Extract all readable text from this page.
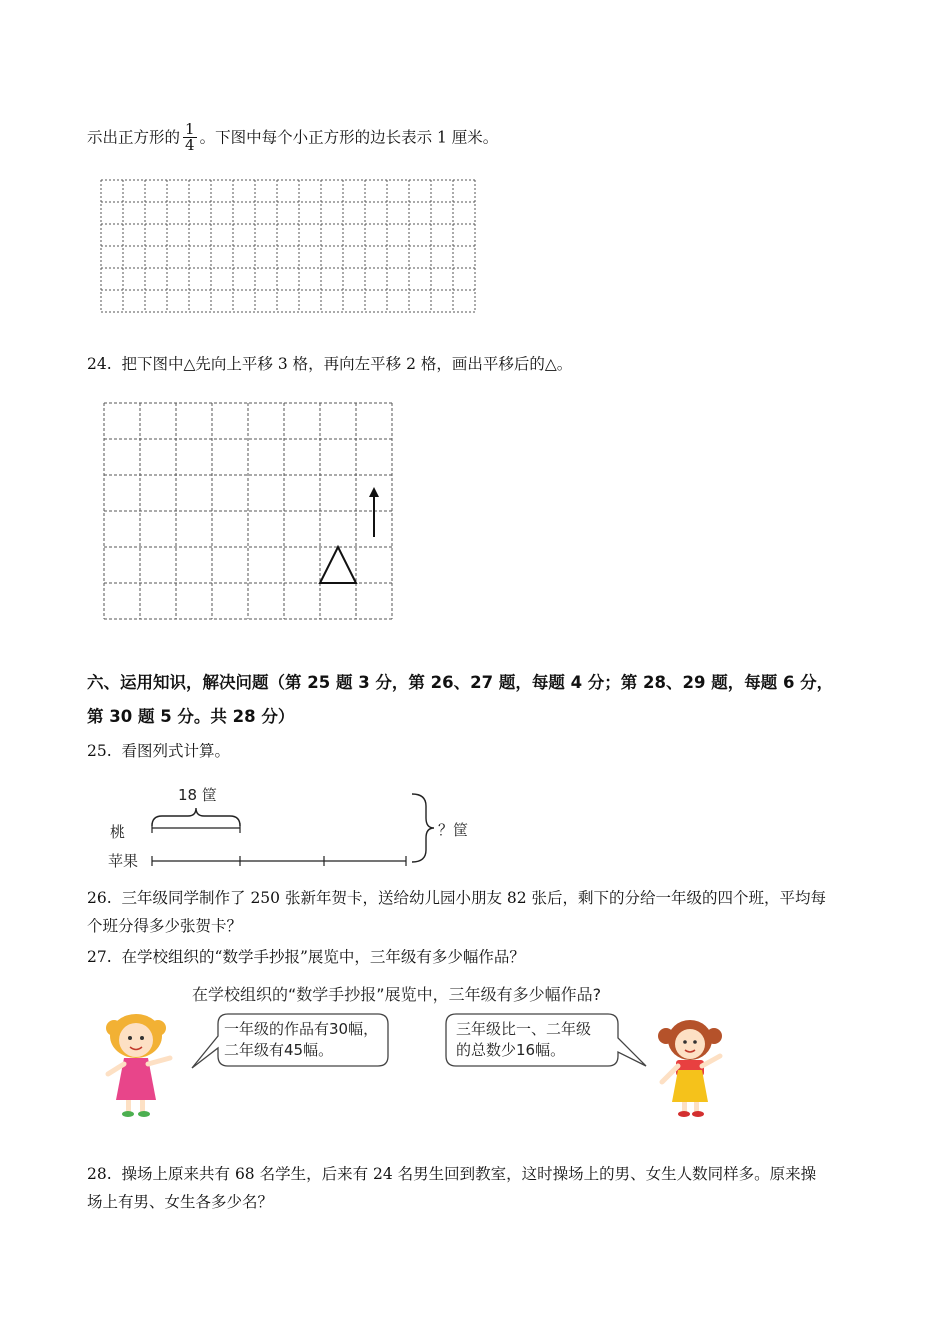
示出正方形的 $\frac{1}{4}$ 。下图中每个小正方形的边长表示 1 厘米。
24. 把下图中△先向上平移 3 格，再向左平移 2 格，画出平移后的△。
六、运用知识，解决问题（第 25 题 3 分，第 26、27 题，每题 4 分；第 28、29 题，每题 6 分，
第 30 题 5 分。共 28 分）
25. 看图列式计算。
18 筐
桃
苹果
？筐
26. 三年级同学制作了 250 张新年贺卡，送给幼儿园小朋友 82 张后，剩下的分给一年级的四个班，平均每
个班分得多少张贺卡？
27. 在学校组织的“数学手抄报”展览中，三年级有多少幅作品？
在学校组织的“数学手抄报”展览中，三年级有多少幅作品?
一年级的作品有30幅，
二年级有45幅。
三年级比一、二年级
的总数少16幅。
28. 操场上原来共有 68 名学生，后来有 24 名男生回到教室，这时操场上的男、女生人数同样多。原来操
场上有男、女生各多少名？
